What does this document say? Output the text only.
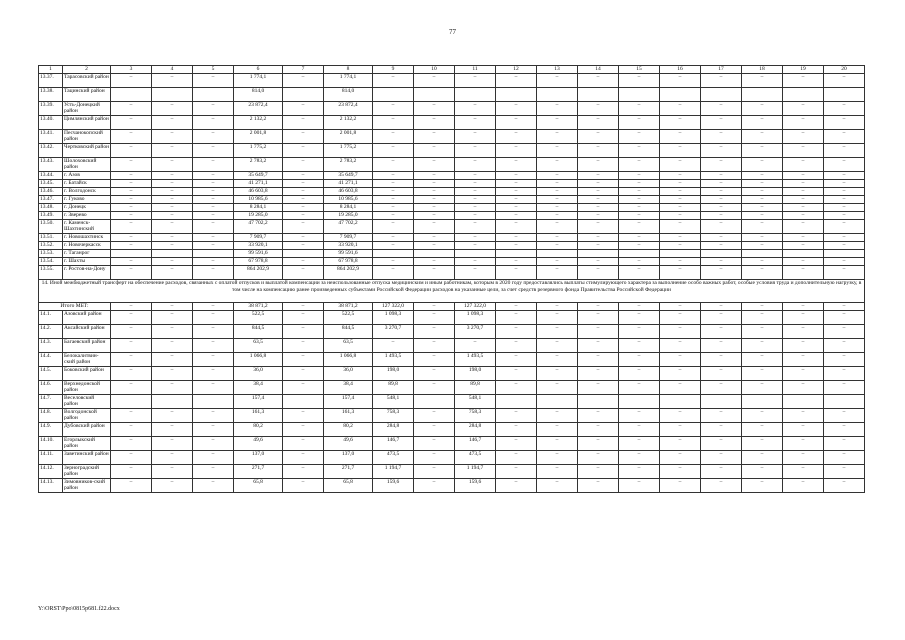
77
1	2	3	4	5	6	7	8	9	10	11	12	13	14	15	16	17	18	19	20
13.37.	Тарасовский район	–	–	–	1 774,1	–	1 774,1	–	–	–	–	–	–	–	–	–	–	–	–
13.38.	Тацинский район				814,0		814,0												
13.39.	Усть-Донецкий район	–	–	–	23 872,4	–	23 872,4	–	–	–	–	–	–	–	–	–	–	–	–
13.40.	Цимлянский район	–	–	–	2 132,2	–	2 132,2	–	–	–	–	–	–	–	–	–	–	–	–
13.41.	Песчанокопский район	–	–	–	2 001,8	–	2 001,8	–	–	–	–	–	–	–	–	–	–	–	–
13.42.	Чертковский район	–	–	–	1 775,2	–	1 775,2	–	–	–	–	–	–	–	–	–	–	–	–
13.43.	Шолоховский район	–	–	–	2 783,2	–	2 783,2	–	–	–	–	–	–	–	–	–	–	–	–
13.44.	г. Азов	–	–	–	35 649,7	–	35 649,7	–	–	–	–	–	–	–	–	–	–	–	–
13.45.	г. Батайск	–	–	–	41 271,1	–	41 271,1	–	–	–	–	–	–	–	–	–	–	–	–
13.46.	г. Волгодонск	–	–	–	46 603,8	–	46 603,8	–	–	–	–	–	–	–	–	–	–	–	–
13.47.	г. Гуково	–	–	–	10 985,6	–	10 985,6	–	–	–	–	–	–	–	–	–	–	–	–
13.48.	г. Донецк	–	–	–	8 284,1	–	8 284,1	–	–	–	–	–	–	–	–	–	–	–	–
13.49.	г. Зверево	–	–	–	19 285,0	–	19 285,0	–	–	–	–	–	–	–	–	–	–	–	–
13.50.	г. Каменск-Шахтинский	–	–	–	47 702,2	–	47 702,2	–	–	–	–	–	–	–	–	–	–	–	–
13.51.	г. Новошахтинск	–	–	–	7 909,7	–	7 909,7	–	–	–	–	–	–	–	–	–	–	–	–
13.52.	г. Новочеркасск	–	–	–	33 920,1	–	33 920,1	–	–	–	–	–	–	–	–	–	–	–	–
13.53.	г. Таганрог				99 591,6		99 591,6												
13.54.	г. Шахты	–	–	–	67 978,8	–	67 978,8	–	–	–	–	–	–	–	–	–	–	–	–
13.55.	г. Ростов-на-Дону	–	–	–	864 202,9	–	864 202,9	–	–	–	–	–	–	–	–	–	–	–	–
14. Иной межбюджетный трансферт на обеспечение расходов, связанных с оплатой отпусков и выплатой компенсации за неиспользованные отпуска медицинским и иным работникам, которым в 2020 году предоставлялись выплаты стимулирующего характера за выполнение особо важных работ, особые условия труда и дополнительную нагрузку, в том числе на компенсацию ранее произведенных субъектами Российской Федерации расходов на указанные цели, за счет средств резервного фонда Правительства Российской Федерации																			
Итого МБТ:		–	–	–	38 871,2	–	38 871,2	127 322,0	–	127 322,0	–	–	–	–	–	–	–	–	–
14.1.	Азовский район	–	–	–	522,5	–	522,5	1 098,3	–	1 098,3	–	–	–	–	–	–	–	–	–
14.2.	Аксайский район	–	–	–	844,5	–	844,5	3 270,7	–	3 270,7	–	–	–	–	–	–	–	–	–
14.3.	Багаевский район	–	–	–	63,5	–	63,5	–	–	–	–	–	–	–	–	–	–	–	–
14.4.	Белокалитвин-ский район	–	–	–	1 066,8	–	1 066,8	1 493,5	–	1 493,5	–	–	–	–	–	–	–	–	–
14.5.	Боковский район	–	–	–	36,0	–	36,0	198,0	–	198,0	–	–	–	–	–	–	–	–	–
14.6.	Верхнедонской район	–	–	–	38,4	–	38,4	89,8	–	89,8	–	–	–	–	–	–	–	–	–
14.7.	Веселовский район				157,4		157,4	548,1		548,1									
14.8.	Волгодонской район	–	–	–	161,3	–	161,3	758,3	–	758,3	–	–	–	–	–	–	–	–	–
14.9.	Дубовский район	–	–	–	80,2	–	80,2	284,8	–	284,8	–	–	–	–	–	–	–	–	–
14.10.	Егорлыкский район	–	–	–	49,6	–	49,6	146,7	–	146,7	–	–	–	–	–	–	–	–	–
14.11.	Заветинский район	–	–	–	137,0	–	137,0	473,5	–	473,5	–	–	–	–	–	–	–	–	–
14.12.	Зерноградский район	–	–	–	271,7	–	271,7	1 194,7	–	1 194,7	–	–	–	–	–	–	–	–	–
14.13.	Зимовников-ский район	–	–	–	65,8	–	65,8	159,6	–	159,6	–	–	–	–	–	–	–	–	–
Y:\ORST\Ppo\0815p681.f22.docx
